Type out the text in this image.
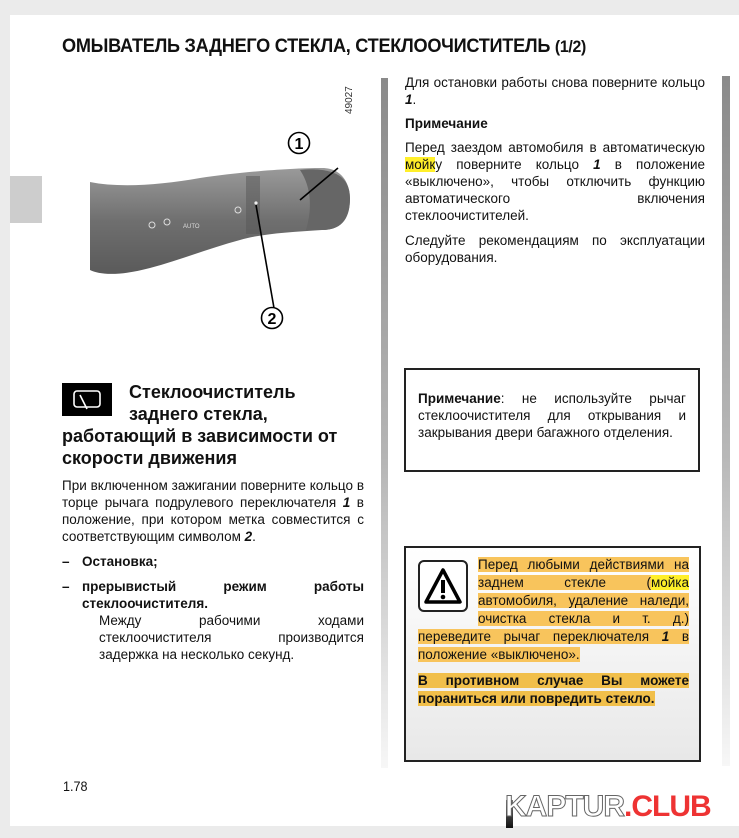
ОМЫВАТЕЛЬ ЗАДНЕГО СТЕКЛА, СТЕКЛООЧИСТИТЕЛЬ (1/2)
AUTO
1
2
49027

Для остановки работы снова поверните кольцо 1.

Примечание

Перед заездом автомобиля в автоматическую мойку поверните кольцо 1 в положение «выключено», чтобы отключить функцию автоматического включения стеклоочистителей.

Следуйте рекомендациям по эксплуатации оборудования.

Примечание: не используйте рычаг стеклоочистителя для открывания и закрывания двери багажного отделения.

Перед любыми действиями на заднем стекле (мойка автомобиля, удаление наледи, очистка стекла и т. д.) переведите рычаг переключателя 1 в положение «выключено».

В противном случае Вы можете пораниться или повредить стекло.

Стеклоочиститель
заднего стекла,
работающий в зависимости от скорости движения

При включенном зажигании поверните кольцо в торце рычага подрулевого переключателя 1 в положение, при котором метка совместится с соответствующим символом 2.

– Остановка;
– прерывистый режим работы стеклоочистителя.

Между рабочими ходами стеклоочистителя производится задержка на несколько секунд.

1.78
KAPTUR.CLUB
